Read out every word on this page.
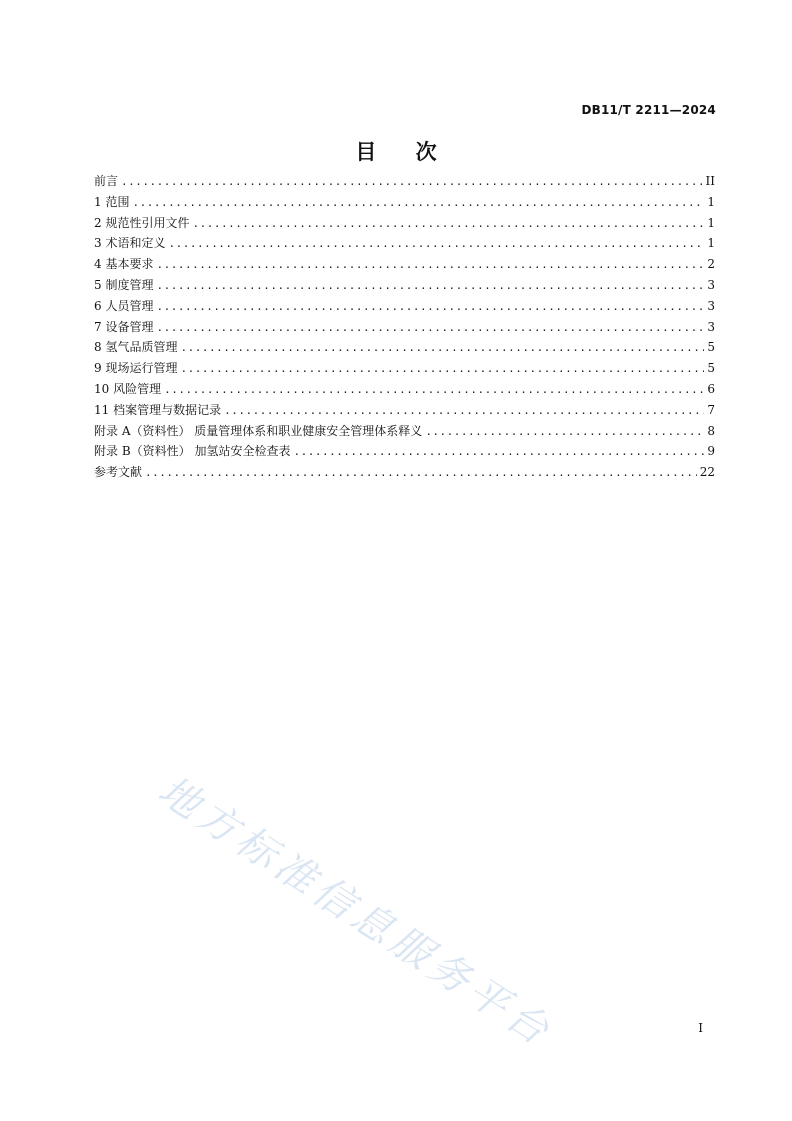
DB11/T 2211—2024
目 次
前言 .....	II
1 范围 .....	1
2 规范性引用文件 .....	1
3 术语和定义 .....	1
4 基本要求 .....	2
5 制度管理 .....	3
6 人员管理 .....	3
7 设备管理 .....	3
8 氢气品质管理 .....	5
9 现场运行管理 .....	5
10 风险管理 .....	6
11 档案管理与数据记录 .....	7
附录 A（资料性） 质量管理体系和职业健康安全管理体系释义 .....	8
附录 B（资料性） 加氢站安全检查表 .....	9
参考文献 .....	22
地方标准信息服务平台	I
